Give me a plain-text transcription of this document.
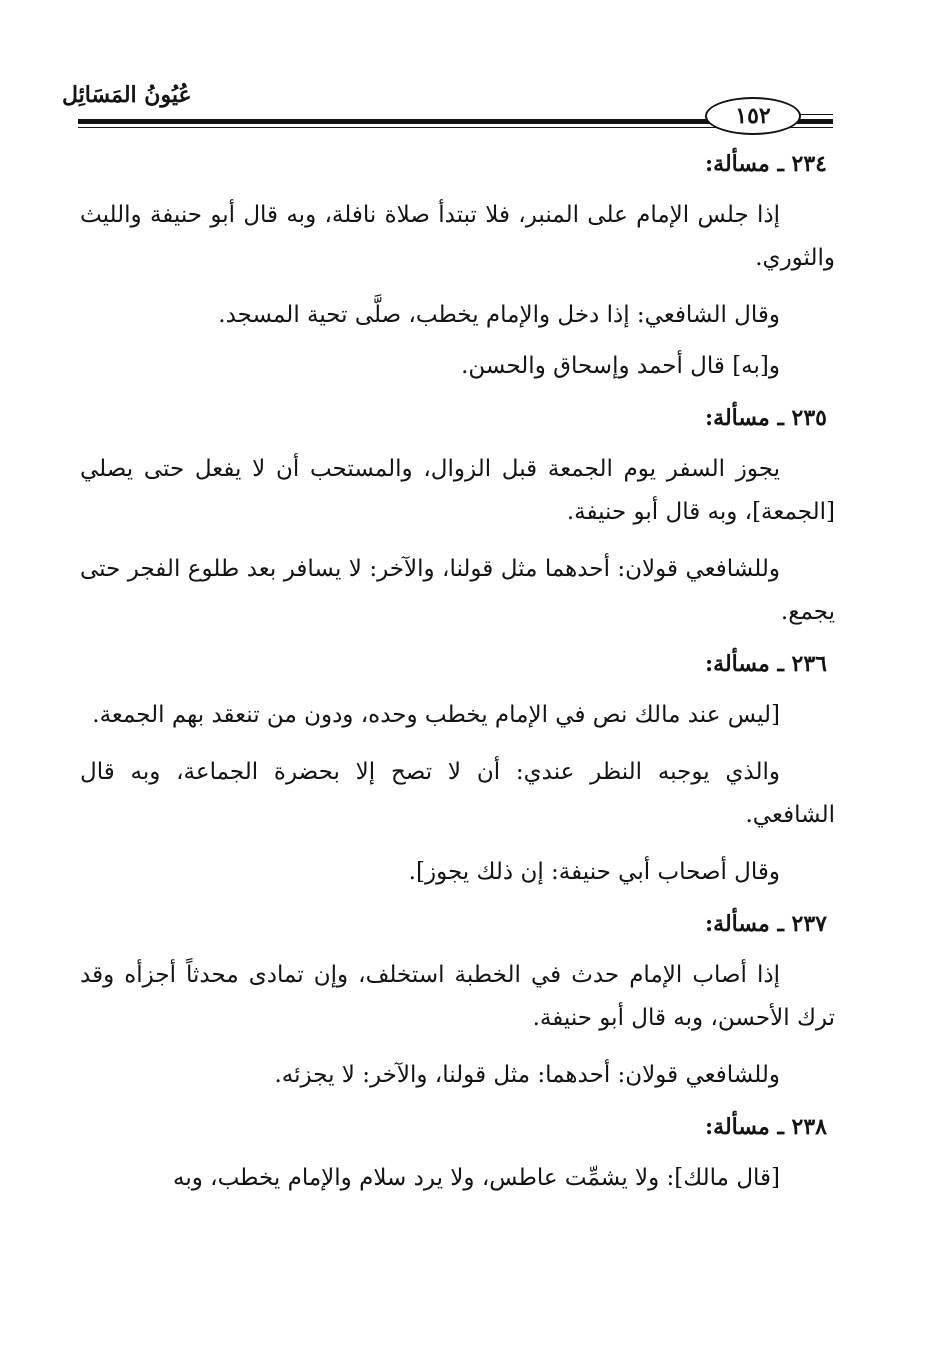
عُيُونُ المَسَائِل
١٥٢
٢٣٤ ـ مسألة:

إذا جلس الإمام على المنبر، فلا تبتدأ صلاة نافلة، وبه قال أبو حنيفة والليث والثوري.

وقال الشافعي: إذا دخل والإمام يخطب، صلَّى تحية المسجد.

و[به] قال أحمد وإسحاق والحسن.

٢٣٥ ـ مسألة:

يجوز السفر يوم الجمعة قبل الزوال، والمستحب أن لا يفعل حتى يصلي [الجمعة]، وبه قال أبو حنيفة.

وللشافعي قولان: أحدهما مثل قولنا، والآخر: لا يسافر بعد طلوع الفجر حتى يجمع.

٢٣٦ ـ مسألة:

[ليس عند مالك نص في الإمام يخطب وحده، ودون من تنعقد بهم الجمعة.

والذي يوجبه النظر عندي: أن لا تصح إلا بحضرة الجماعة، وبه قال الشافعي.

وقال أصحاب أبي حنيفة: إن ذلك يجوز].

٢٣٧ ـ مسألة:

إذا أصاب الإمام حدث في الخطبة استخلف، وإن تمادى محدثاً أجزأه وقد ترك الأحسن، وبه قال أبو حنيفة.

وللشافعي قولان: أحدهما: مثل قولنا، والآخر: لا يجزئه.

٢٣٨ ـ مسألة:

[قال مالك]: ولا يشمِّت عاطس، ولا يرد سلام والإمام يخطب، وبه
